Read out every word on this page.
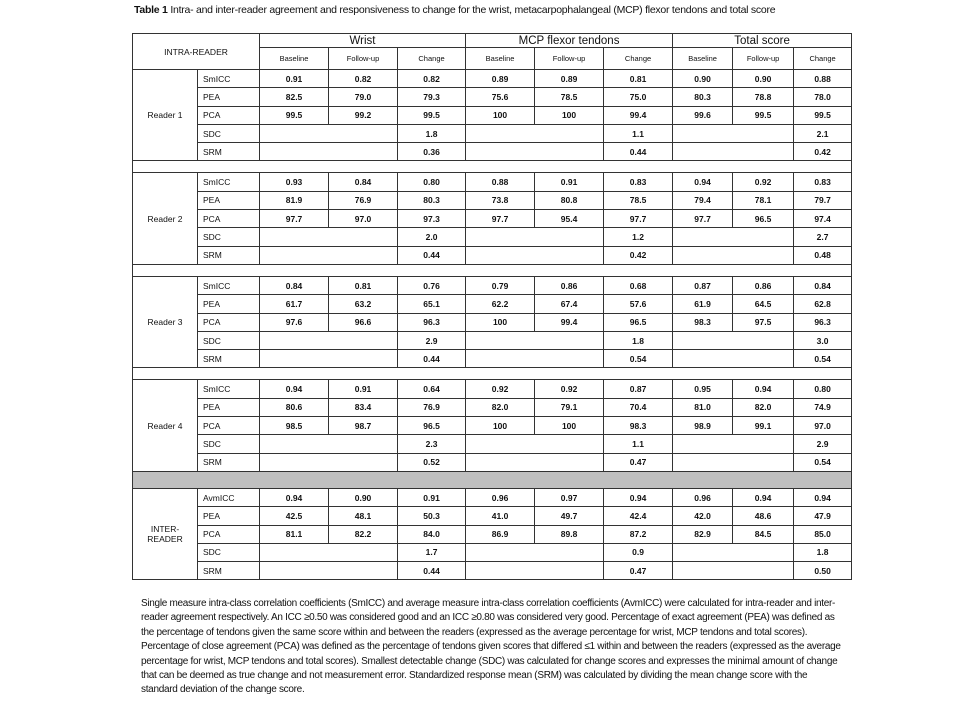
Table 1 Intra- and inter-reader agreement and responsiveness to change for the wrist, metacarpophalangeal (MCP) flexor tendons and total score
INTRA-READER		Wrist			MCP flexor tendons			Total score		
		Baseline	Follow-up	Change	Baseline	Follow-up	Change	Baseline	Follow-up	Change
Reader 1	SmICC	0.91	0.82	0.82	0.89	0.89	0.81	0.90	0.90	0.88
	PEA	82.5	79.0	79.3	75.6	78.5	75.0	80.3	78.8	78.0
	PCA	99.5	99.2	99.5	100	100	99.4	99.6	99.5	99.5
	SDC			1.8			1.1			2.1
	SRM			0.36			0.44			0.42

Reader 2	SmICC	0.93	0.84	0.80	0.88	0.91	0.83	0.94	0.92	0.83
	PEA	81.9	76.9	80.3	73.8	80.8	78.5	79.4	78.1	79.7
	PCA	97.7	97.0	97.3	97.7	95.4	97.7	97.7	96.5	97.4
	SDC			2.0			1.2			2.7
	SRM			0.44			0.42			0.48

Reader 3	SmICC	0.84	0.81	0.76	0.79	0.86	0.68	0.87	0.86	0.84
	PEA	61.7	63.2	65.1	62.2	67.4	57.6	61.9	64.5	62.8
	PCA	97.6	96.6	96.3	100	99.4	96.5	98.3	97.5	96.3
	SDC			2.9			1.8			3.0
	SRM			0.44			0.54			0.54

Reader 4	SmICC	0.94	0.91	0.64	0.92	0.92	0.87	0.95	0.94	0.80
	PEA	80.6	83.4	76.9	82.0	79.1	70.4	81.0	82.0	74.9
	PCA	98.5	98.7	96.5	100	100	98.3	98.9	99.1	97.0
	SDC			2.3			1.1			2.9
	SRM			0.52			0.47			0.54

INTER-
READER	AvmICC	0.94	0.90	0.91	0.96	0.97	0.94	0.96	0.94	0.94
	PEA	42.5	48.1	50.3	41.0	49.7	42.4	42.0	48.6	47.9
	PCA	81.1	82.2	84.0	86.9	89.8	87.2	82.9	84.5	85.0
	SDC			1.7			0.9			1.8
	SRM			0.44			0.47			0.50
Single measure intra-class correlation coefficients (SmICC) and average measure intra-class correlation coefficients (AvmICC) were calculated for intra-reader and inter-reader agreement respectively. An ICC ≥0.50 was considered good and an ICC ≥0.80 was considered very good. Percentage of exact agreement (PEA) was defined as the percentage of tendons given the same score within and between the readers (expressed as the average percentage for wrist, MCP tendons and total scores). Percentage of close agreement (PCA) was defined as the percentage of tendons given scores that differed ≤1 within and between the readers (expressed as the average percentage for wrist, MCP tendons and total scores). Smallest detectable change (SDC) was calculated for change scores and expresses the minimal amount of change that can be deemed as true change and not measurement error. Standardized response mean (SRM) was calculated by dividing the mean change score with the standard deviation of the change score.
